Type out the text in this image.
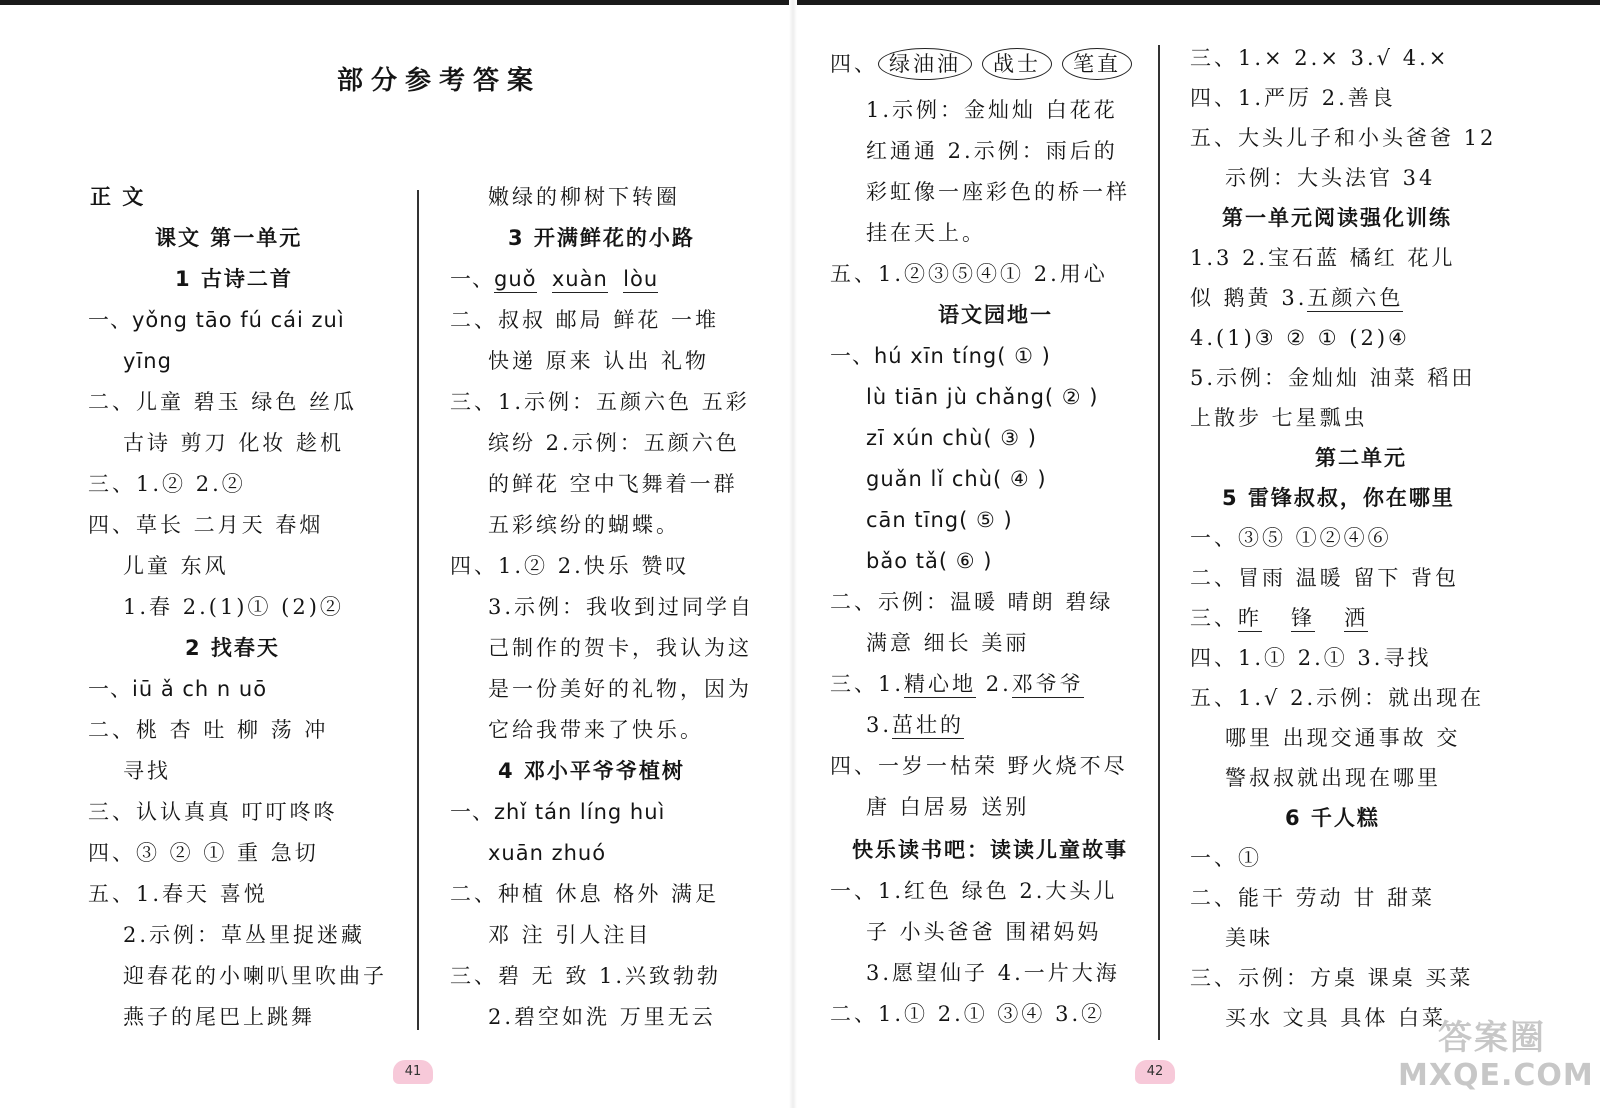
部分参考答案
正 文
课文 第一单元
1 古诗二首
一、yǒng tāo fú cái zuì
yīng
二、儿童 碧玉 绿色 丝瓜
古诗 剪刀 化妆 趁机
三、1.② 2.②
四、草长 二月天 春烟
儿童 东风
1.春 2.(1)① (2)②
2 找春天
一、iū ǎ ch n uō
二、桃 杏 吐 柳 荡 冲
寻找
三、认认真真 叮叮咚咚
四、③ ② ① 重 急切
五、1.春天 喜悦
2.示例：草丛里捉迷藏
迎春花的小喇叭里吹曲子
燕子的尾巴上跳舞
嫩绿的柳树下转圈
3 开满鲜花的小路
一、guǒ xuàn lòu
二、叔叔 邮局 鲜花 一堆
快递 原来 认出 礼物
三、1.示例：五颜六色 五彩
缤纷 2.示例：五颜六色
的鲜花 空中飞舞着一群
五彩缤纷的蝴蝶。
四、1.② 2.快乐 赞叹
3.示例：我收到过同学自
己制作的贺卡，我认为这
是一份美好的礼物，因为
它给我带来了快乐。
4 邓小平爷爷植树
一、zhǐ tán líng huì
xuān zhuó
二、种植 休息 格外 满足
邓 注 引人注目
三、碧 无 致 1.兴致勃勃
2.碧空如洗 万里无云
四、 绿油油 战士 笔直
1.示例：金灿灿 白花花
红通通 2.示例：雨后的
彩虹像一座彩色的桥一样
挂在天上。
五、1.②③⑤④① 2.用心
语文园地一
一、hú xīn tíng( ① )
lù tiān jù chǎng( ② )
zī xún chù( ③ )
guǎn lǐ chù( ④ )
cān tīng( ⑤ )
bǎo tǎ( ⑥ )
二、示例：温暖 晴朗 碧绿
满意 细长 美丽
三、1.精心地 2.邓爷爷
3.茁壮的
四、一岁一枯荣 野火烧不尽
唐 白居易 送别
快乐读书吧：读读儿童故事
一、1.红色 绿色 2.大头儿
子 小头爸爸 围裙妈妈
3.愿望仙子 4.一片大海
二、1.① 2.① ③④ 3.②
三、1.× 2.× 3.√ 4.×
四、1.严厉 2.善良
五、大头儿子和小头爸爸 12
示例：大头法官 34
第一单元阅读强化训练
1.3 2.宝石蓝 橘红 花儿
似 鹅黄 3.五颜六色
4.(1)③ ② ① (2)④
5.示例：金灿灿 油菜 稻田
上散步 七星瓢虫
第二单元
5 雷锋叔叔，你在哪里
一、③⑤ ①②④⑥
二、冒雨 温暖 留下 背包
三、昨 锋 洒
四、1.① 2.① 3.寻找
五、1.√ 2.示例：就出现在
哪里 出现交通事故 交
警叔叔就出现在哪里
6 千人糕
一、①
二、能干 劳动 甘 甜菜
美味
三、示例：方桌 课桌 买菜
买水 文具 具体 白菜
41	42
答案圈
MXQE.COM
